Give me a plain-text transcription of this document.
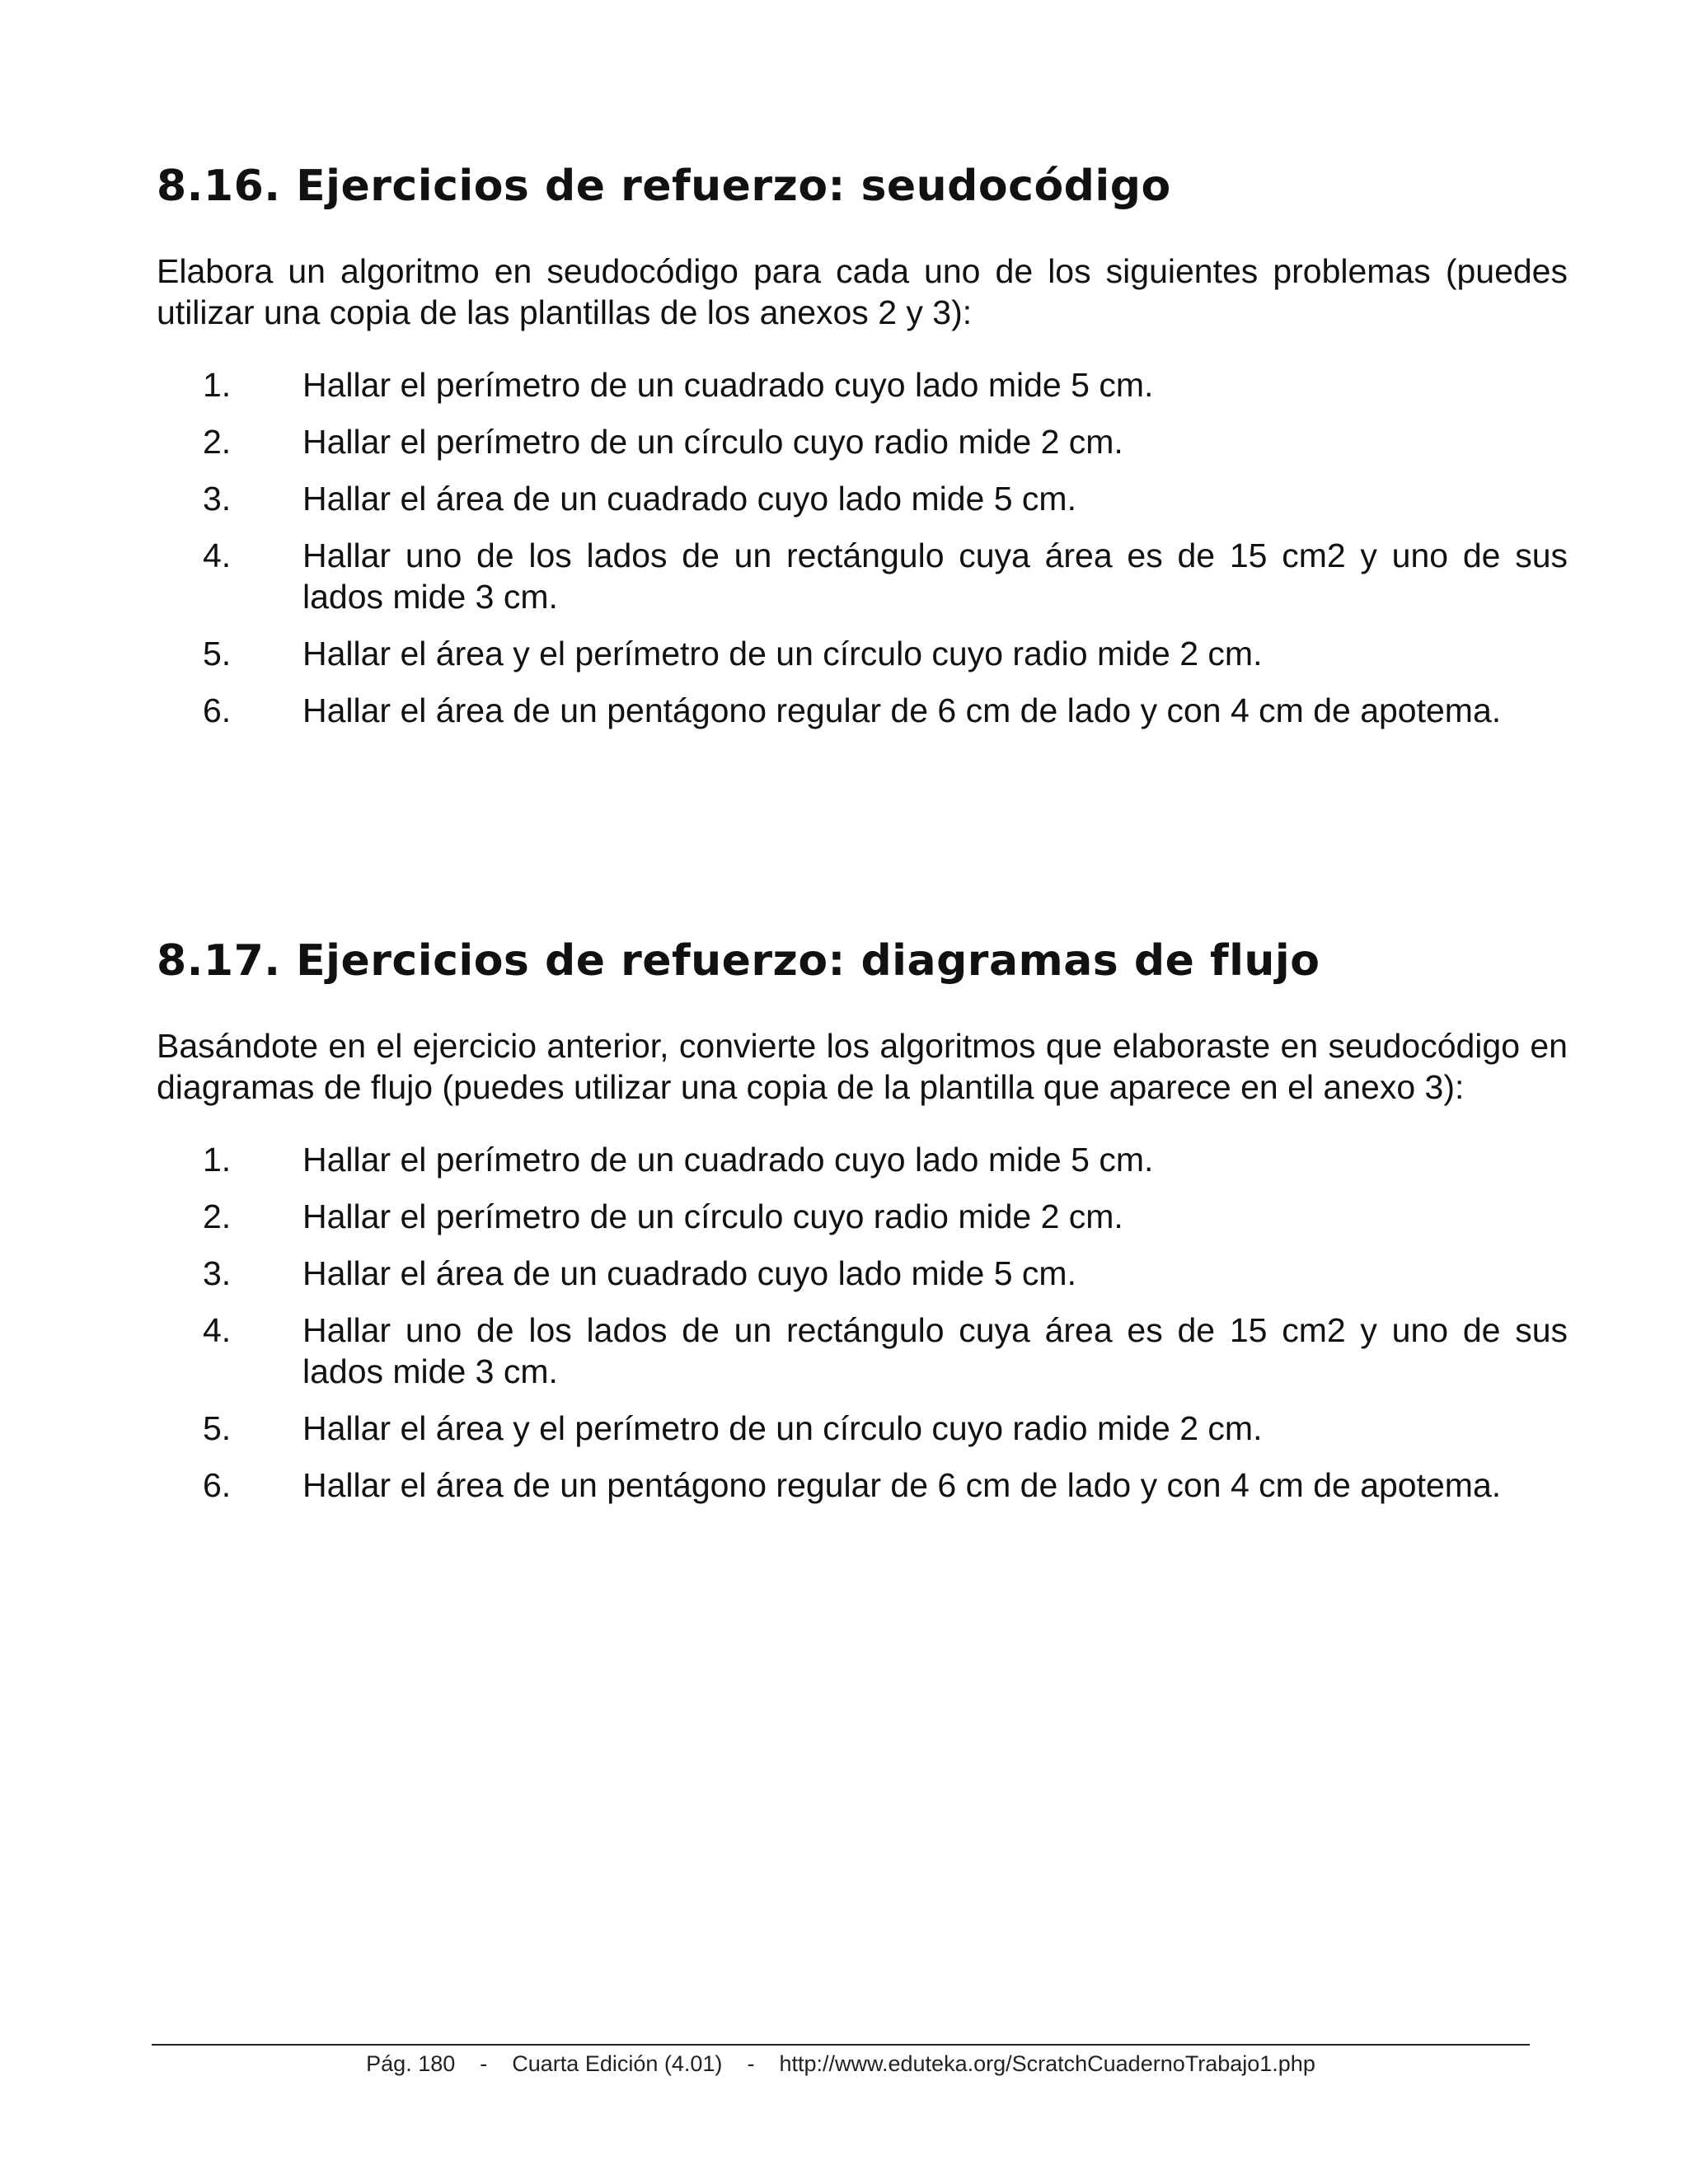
8.16. Ejercicios de refuerzo: seudocódigo

Elabora un algoritmo en seudocódigo para cada uno de los siguientes problemas (puedes utilizar una copia de las plantillas de los anexos 2 y 3):

1. Hallar el perímetro de un cuadrado cuyo lado mide 5 cm.
2. Hallar el perímetro de un círculo cuyo radio mide 2 cm.
3. Hallar el área de un cuadrado cuyo lado mide 5 cm.
4. Hallar uno de los lados de un rectángulo cuya área es de 15 cm2 y uno de sus lados mide 3 cm.
5. Hallar el área y el perímetro de un círculo cuyo radio mide 2 cm.
6. Hallar el área de un pentágono regular de 6 cm de lado y con 4 cm de apotema.
8.17. Ejercicios de refuerzo: diagramas de flujo

Basándote en el ejercicio anterior, convierte los algoritmos que elaboraste en seudocódigo en diagramas de flujo (puedes utilizar una copia de la plantilla que aparece en el anexo 3):

1. Hallar el perímetro de un cuadrado cuyo lado mide 5 cm.
2. Hallar el perímetro de un círculo cuyo radio mide 2 cm.
3. Hallar el área de un cuadrado cuyo lado mide 5 cm.
4. Hallar uno de los lados de un rectángulo cuya área es de 15 cm2 y uno de sus lados mide 3 cm.
5. Hallar el área y el perímetro de un círculo cuyo radio mide 2 cm.
6. Hallar el área de un pentágono regular de 6 cm de lado y con 4 cm de apotema.
Pág. 180 - Cuarta Edición (4.01) - http://www.eduteka.org/ScratchCuadernoTrabajo1.php
